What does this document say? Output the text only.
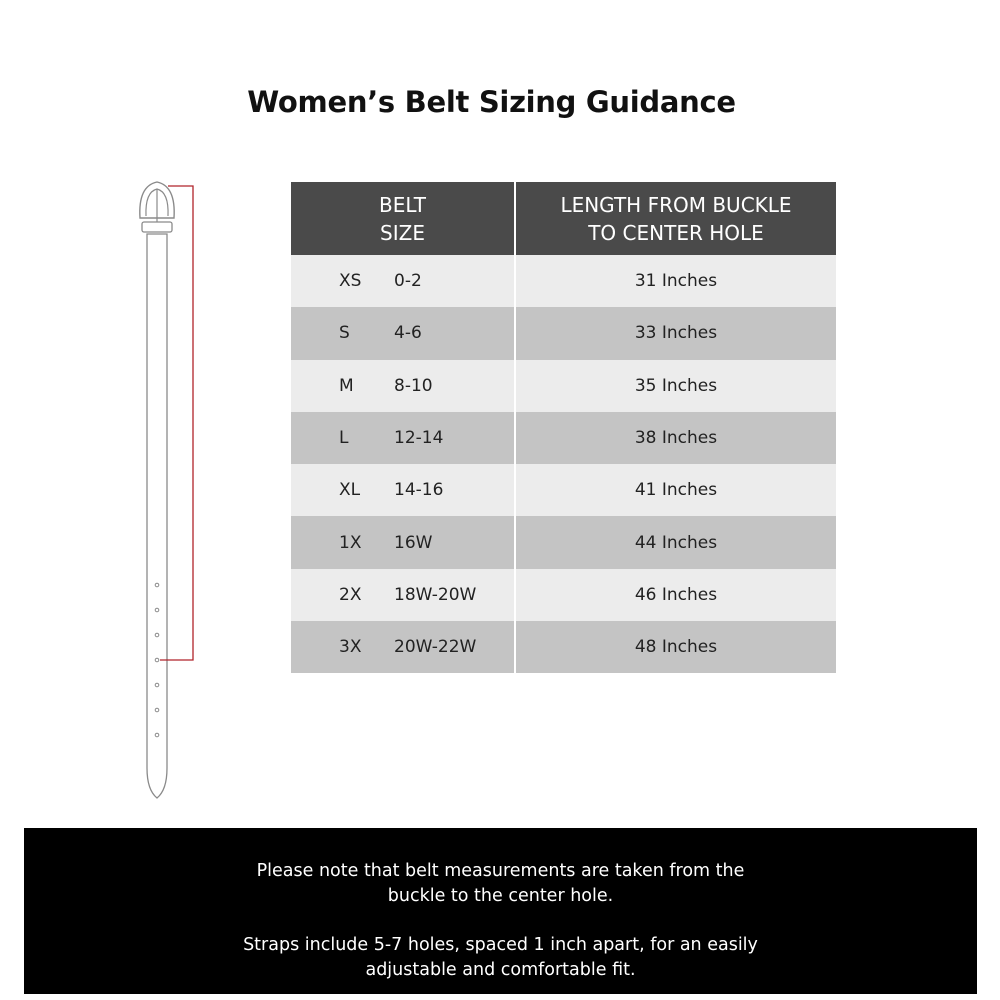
Women’s Belt Sizing Guidance
BELT
SIZE	LENGTH FROM BUCKLE
TO CENTER HOLE

XS 0-2	31 Inches
S 4-6	33 Inches
M 8-10	35 Inches
L 12-14	38 Inches
XL 14-16	41 Inches
1X 16W	44 Inches
2X 18W-20W	46 Inches
3X 20W-22W	48 Inches
Please note that belt measurements are taken from the
buckle to the center hole.
Straps include 5-7 holes, spaced 1 inch apart, for an easily
adjustable and comfortable fit.
